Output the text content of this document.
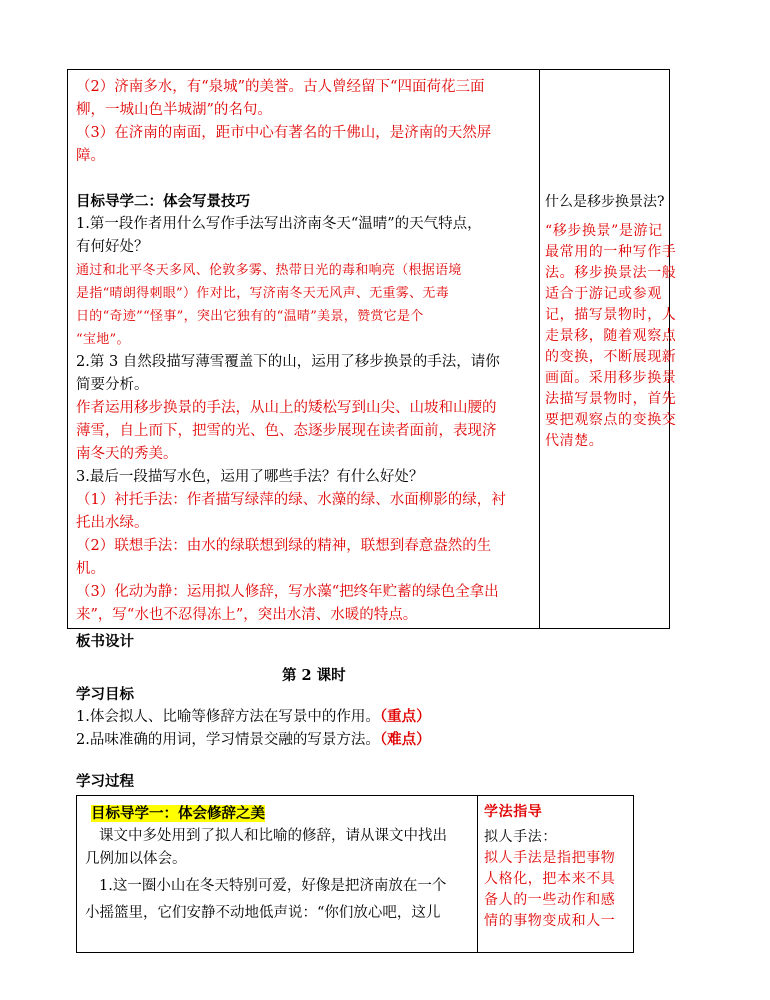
（2）济南多水，有“泉城”的美誉。古人曾经留下“四面荷花三面
柳，一城山色半城湖”的名句。
（3）在济南的南面，距市中心有著名的千佛山，是济南的天然屏
障。
目标导学二：体会写景技巧
1.第一段作者用什么写作手法写出济南冬天“温晴”的天气特点，
有何好处？
通过和北平冬天多风、伦敦多雾、热带日光的毒和响亮（根据语境
是指“晴朗得刺眼”）作对比，写济南冬天无风声、无重雾、无毒
日的“奇迹”“怪事”，突出它独有的“温晴”美景，赞赏它是个
“宝地”。
2.第 3 自然段描写薄雪覆盖下的山，运用了移步换景的手法，请你
简要分析。
作者运用移步换景的手法，从山上的矮松写到山尖、山坡和山腰的
薄雪，自上而下，把雪的光、色、态逐步展现在读者面前，表现济
南冬天的秀美。
3.最后一段描写水色，运用了哪些手法？有什么好处？
（1）衬托手法：作者描写绿萍的绿、水藻的绿、水面柳影的绿，衬
托出水绿。
（2）联想手法：由水的绿联想到绿的精神，联想到春意盎然的生
机。
（3）化动为静：运用拟人修辞，写水藻“把终年贮蓄的绿色全拿出
来”，写“水也不忍得冻上”，突出水清、水暖的特点。
什么是移步换景法?
“移步换景”是游记
最常用的一种写作手
法。移步换景法一般
适合于游记或参观
记，描写景物时，人
走景移，随着观察点
的变换，不断展现新
画面。采用移步换景
法描写景物时，首先
要把观察点的变换交
代清楚。
板书设计
第 2 课时
学习目标
1.体会拟人、比喻等修辞方法在写景中的作用。（重点）
2.品味准确的用词，学习情景交融的写景方法。（难点）
学习过程
目标导学一：体会修辞之美
课文中多处用到了拟人和比喻的修辞，请从课文中找出
几例加以体会。
1.这一圈小山在冬天特别可爱，好像是把济南放在一个
小摇篮里，它们安静不动地低声说：“你们放心吧，这儿
学法指导
拟人手法：
拟人手法是指把事物
人格化，把本来不具
备人的一些动作和感
情的事物变成和人一
